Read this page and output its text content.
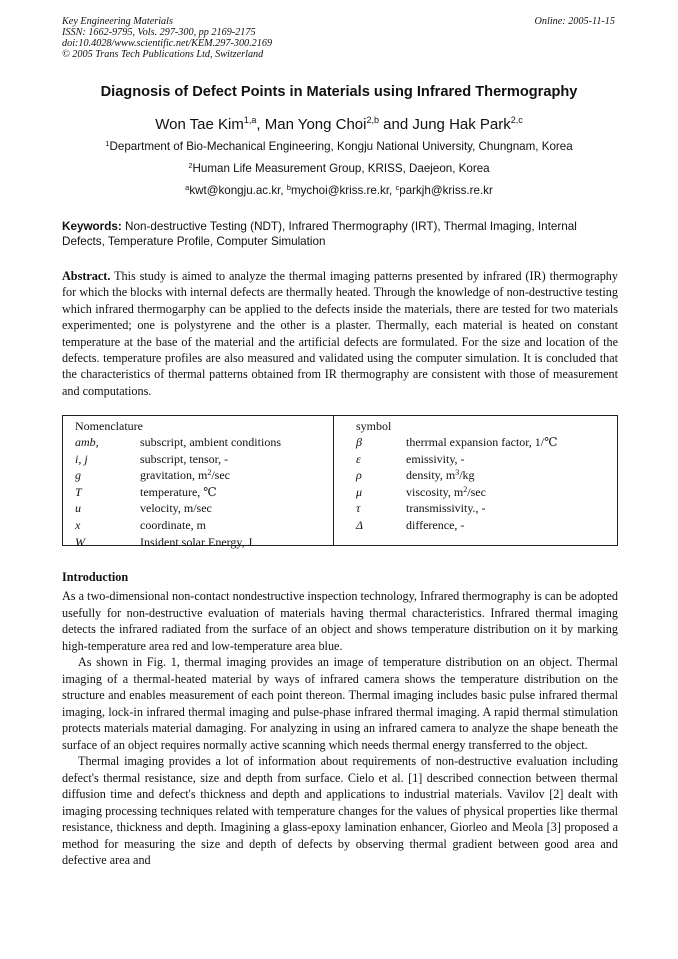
Key Engineering Materials
ISSN: 1662-9795, Vols. 297-300, pp 2169-2175
doi:10.4028/www.scientific.net/KEM.297-300.2169
© 2005 Trans Tech Publications Ltd, Switzerland
Online: 2005-11-15
Diagnosis of Defect Points in Materials using Infrared Thermography
Won Tae Kim$^{1,a}$, Man Yong Choi$^{2,b}$ and Jung Hak Park$^{2,c}$
$^1$Department of Bio-Mechanical Engineering, Kongju National University, Chungnam, Korea
$^2$Human Life Measurement Group, KRISS, Daejeon, Korea
$^a$kwt@kongju.ac.kr, $^b$mychoi@kriss.re.kr, $^c$parkjh@kriss.re.kr
Keywords: Non-destructive Testing (NDT), Infrared Thermography (IRT), Thermal Imaging, Internal Defects, Temperature Profile, Computer Simulation

Abstract. This study is aimed to analyze the thermal imaging patterns presented by infrared (IR) thermography for which the blocks with internal defects are thermally heated. Through the knowledge of non-destructive testing which infrared thermogarphy can be applied to the defects inside the materials, there are tested for two materials experimented; one is polystyrene and the other is a plaster. Thermally, each material is heated on constant temperature at the base of the material and the artificial defects are formulated. For the size and location of the defects. temperature profiles are also measured and validated using the computer simulation. It is concluded that the characteristics of thermal patterns obtained from IR thermography are consistent with those of measurement and computations.

Nomenclature
amb,	subscript, ambient conditions
i, j	subscript, tensor, -
g	gravitation, $m^2/\sec$
T	temperature, ℃
u	velocity, m/sec
x	coordinate, m
W	Insident solar Energy, J
symbol
β	therrmal expansion factor, 1/℃
ε	emissivity, -
ρ	density, $m^3/kg$
μ	viscosity, $m^2/\sec$
τ	transmissivity., -
Δ	difference, -
Introduction

As a two-dimensional non-contact nondestructive inspection technology, Infrared thermography is can be adopted usefully for non-destructive evaluation of materials having thermal characteristics. Infrared thermal imaging detects the infrared radiated from the surface of an object and shows temperature distribution on it by marking high-temperature area red and low-temperature area blue.

As shown in Fig. 1, thermal imaging provides an image of temperature distribution on an object. Thermal imaging of a thermal-heated material by ways of infrared camera shows the temperature distribution on the structure and enables measurement of each point thereon. Thermal imaging includes basic pulse infrared thermal imaging, lock-in infrared thermal imaging and pulse-phase infrared thermal imaging. A rapid thermal stimulation protects materials material damaging. For analyzing in using an infrared camera to analyze the shape beneath the surface of an object requires normally active scanning which needs thermal energy transferred to the object.

Thermal imaging provides a lot of information about requirements of non-destructive evaluation including defect's thermal resistance, size and depth from surface. Cielo et al. [1] described connection between thermal diffusion time and defect's thickness and depth and applications to industrial materials. Vavilov [2] dealt with imaging processing techniques related with temperature changes for the values of physical properties like thermal resistance, thickness and depth. Imagining a glass-epoxy lamination enhancer, Giorleo and Meola [3] proposed a method for measuring the size and depth of defects by observing thermal gradient between good area and defective area and
